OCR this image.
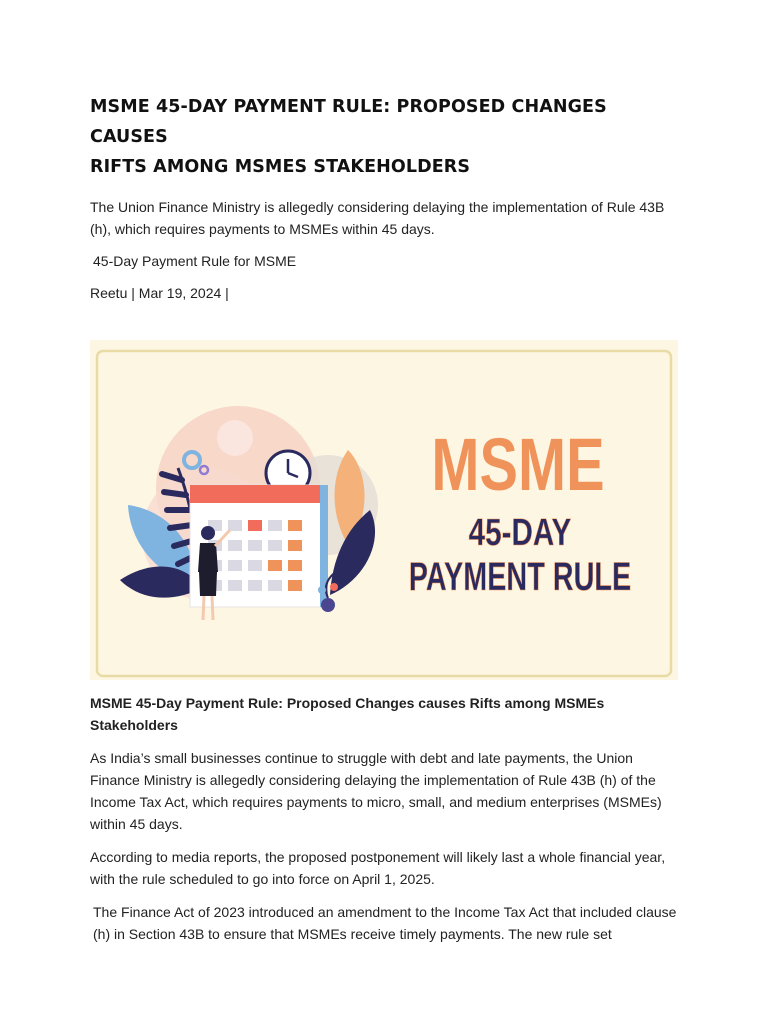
MSME 45-DAY PAYMENT RULE: PROPOSED CHANGES CAUSES
RIFTS AMONG MSMES STAKEHOLDERS

The Union Finance Ministry is allegedly considering delaying the implementation of Rule 43B (h), which requires payments to MSMEs within 45 days.

45-Day Payment Rule for MSME

Reetu | Mar 19, 2024 |

MSME
45-DAY
PAYMENT RULE

MSME 45-Day Payment Rule: Proposed Changes causes Rifts among MSMEs Stakeholders

As India’s small businesses continue to struggle with debt and late payments, the Union Finance Ministry is allegedly considering delaying the implementation of Rule 43B (h) of the Income Tax Act, which requires payments to micro, small, and medium enterprises (MSMEs) within 45 days.

According to media reports, the proposed postponement will likely last a whole financial year, with the rule scheduled to go into force on April 1, 2025.

The Finance Act of 2023 introduced an amendment to the Income Tax Act that included clause (h) in Section 43B to ensure that MSMEs receive timely payments. The new rule set
